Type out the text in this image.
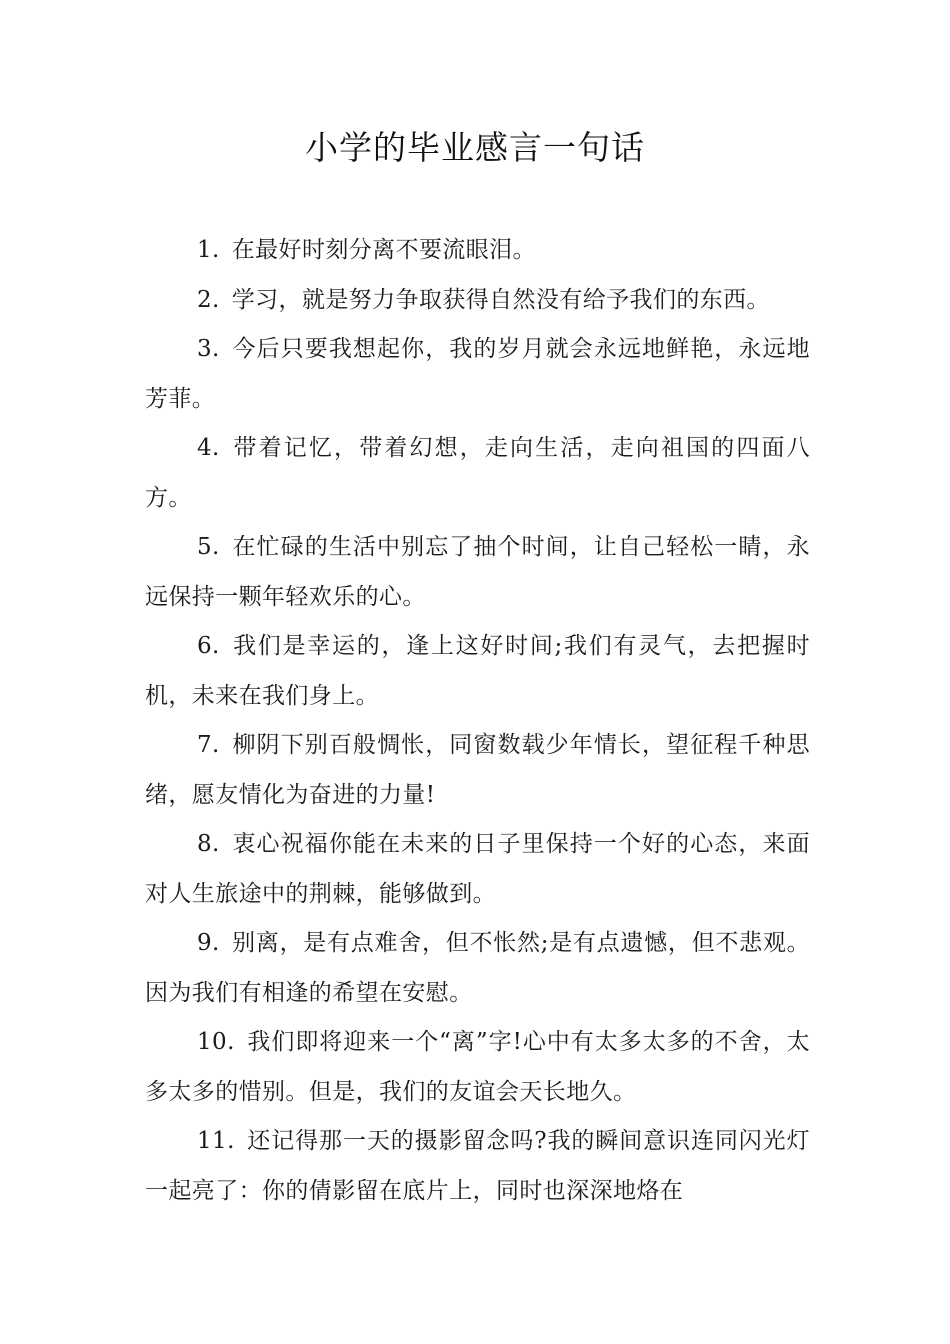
小学的毕业感言一句话

1. 在最好时刻分离不要流眼泪。

2. 学习，就是努力争取获得自然没有给予我们的东西。

3. 今后只要我想起你，我的岁月就会永远地鲜艳，永远地芳菲。

4. 带着记忆，带着幻想，走向生活，走向祖国的四面八方。

5. 在忙碌的生活中别忘了抽个时间，让自己轻松一睛，永远保持一颗年轻欢乐的心。

6. 我们是幸运的，逢上这好时间;我们有灵气，去把握时机，未来在我们身上。

7. 柳阴下别百般惆怅，同窗数载少年情长，望征程千种思绪，愿友情化为奋进的力量!

8. 衷心祝福你能在未来的日子里保持一个好的心态，来面对人生旅途中的荆棘，能够做到。

9. 别离，是有点难舍，但不怅然;是有点遗憾，但不悲观。因为我们有相逢的希望在安慰。

10. 我们即将迎来一个“离”字!心中有太多太多的不舍，太多太多的惜别。但是，我们的友谊会天长地久。

11. 还记得那一天的摄影留念吗?我的瞬间意识连同闪光灯一起亮了：你的倩影留在底片上，同时也深深地烙在
